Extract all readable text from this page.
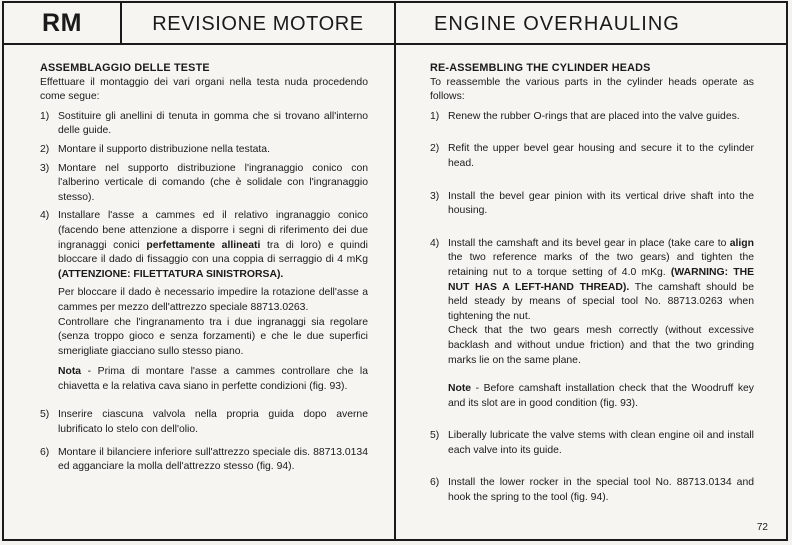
RM	REVISIONE MOTORE	ENGINE OVERHAULING

ASSEMBLAGGIO DELLE TESTE

Effettuare il montaggio dei vari organi nella testa nuda procedendo come segue:

1) Sostituire gli anellini di tenuta in gomma che si trovano all'interno delle guide.
2) Montare il supporto distribuzione nella testata.
3) Montare nel supporto distribuzione l'ingranaggio conico con l'alberino verticale di comando (che è solidale con l'ingranaggio stesso).
4) Installare l'asse a cammes ed il relativo ingranaggio conico (facendo bene attenzione a disporre i segni di riferimento dei due ingranaggi conici perfettamente allineati tra di loro) e quindi bloccare il dado di fissaggio con una coppia di serraggio di 4 mKg (ATTENZIONE: FILETTATURA SINISTRORSA).

Per bloccare il dado è necessario impedire la rotazione dell'asse a cammes per mezzo dell'attrezzo speciale 88713.0263.

Controllare che l'ingranamento tra i due ingranaggi sia regolare (senza troppo gioco e senza forzamenti) e che le due superfici smerigliate giacciano sullo stesso piano.

Nota - Prima di montare l'asse a cammes controllare che la chiavetta e la relativa cava siano in perfette condizioni (fig. 93).

5) Inserire ciascuna valvola nella propria guida dopo averne lubrificato lo stelo con dell'olio.
6) Montare il bilanciere inferiore sull'attrezzo speciale dis. 88713.0134 ed agganciare la molla dell'attrezzo stesso (fig. 94).

RE-ASSEMBLING THE CYLINDER HEADS

To reassemble the various parts in the cylinder heads operate as follows:

1) Renew the rubber O-rings that are placed into the valve guides.
2) Refit the upper bevel gear housing and secure it to the cylinder head.
3) Install the bevel gear pinion with its vertical drive shaft into the housing.
4) Install the camshaft and its bevel gear in place (take care to align the two reference marks of the two gears) and tighten the retaining nut to a torque setting of 4.0 mKg. (WARNING: THE NUT HAS A LEFT-HAND THREAD). The camshaft should be held steady by means of special tool No. 88713.0263 when tightening the nut.

Check that the two gears mesh correctly (without excessive backlash and without undue friction) and that the two grinding marks lie on the same plane.

Note - Before camshaft installation check that the Woodruff key and its slot are in good condition (fig. 93).

5) Liberally lubricate the valve stems with clean engine oil and install each valve into its guide.
6) Install the lower rocker in the special tool No. 88713.0134 and hook the spring to the tool (fig. 94).
72
